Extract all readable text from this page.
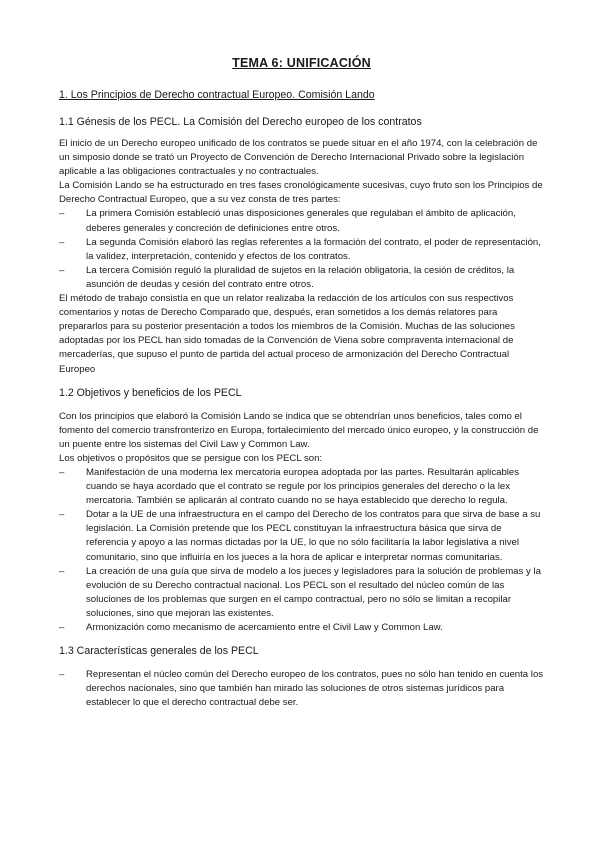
TEMA 6: UNIFICACIÓN
1. Los Principios de Derecho contractual Europeo. Comisión Lando
1.1 Génesis de los PECL. La Comisión del Derecho europeo de los contratos

El inicio de un Derecho europeo unificado de los contratos se puede situar en el año 1974, con la celebración de un simposio donde se trató un Proyecto de Convención de Derecho Internacional Privado sobre la legislación aplicable a las obligaciones contractuales y no contractuales.

La Comisión Lando se ha estructurado en tres fases cronológicamente sucesivas, cuyo fruto son los Principios de Derecho Contractual Europeo, que a su vez consta de tres partes:

– La primera Comisión estableció unas disposiciones generales que regulaban el ámbito de aplicación, deberes generales y concreción de definiciones entre otros.
– La segunda Comisión elaboró las reglas referentes a la formación del contrato, el poder de representación, la validez, interpretación, contenido y efectos de los contratos.
– La tercera Comisión reguló la pluralidad de sujetos en la relación obligatoria, la cesión de créditos, la asunción de deudas y cesión del contrato entre otros.

El método de trabajo consistía en que un relator realizaba la redacción de los artículos con sus respectivos comentarios y notas de Derecho Comparado que, después, eran sometidos a los demás relatores para prepararlos para su posterior presentación a todos los miembros de la Comisión. Muchas de las soluciones adoptadas por los PECL han sido tomadas de la Convención de Viena sobre compraventa internacional de mercaderías, que supuso el punto de partida del actual proceso de armonización del Derecho Contractual Europeo

1.2 Objetivos y beneficios de los PECL

Con los principios que elaboró la Comisión Lando se indica que se obtendrían unos beneficios, tales como el fomento del comercio transfronterizo en Europa, fortalecimiento del mercado único europeo, y la construcción de un puente entre los sistemas del Civil Law y Common Law.

Los objetivos o propósitos que se persigue con los PECL son:

– Manifestación de una moderna lex mercatoria europea adoptada por las partes. Resultarán aplicables cuando se haya acordado que el contrato se regule por los principios generales del derecho o la lex mercatoria. También se aplicarán al contrato cuando no se haya establecido que derecho lo regula.
– Dotar a la UE de una infraestructura en el campo del Derecho de los contratos para que sirva de base a su legislación. La Comisión pretende que los PECL constituyan la infraestructura básica que sirva de referencia y apoyo a las normas dictadas por la UE, lo que no sólo facilitaría la labor legislativa a nivel comunitario, sino que influiría en los jueces a la hora de aplicar e interpretar normas comunitarias.
– La creación de una guía que sirva de modelo a los jueces y legisladores para la solución de problemas y la evolución de su Derecho contractual nacional. Los PECL son el resultado del núcleo común de las soluciones de los problemas que surgen en el campo contractual, pero no sólo se limitan a recopilar soluciones, sino que mejoran las existentes.
– Armonización como mecanismo de acercamiento entre el Civil Law y Common Law.
1.3 Características generales de los PECL
– Representan el núcleo común del Derecho europeo de los contratos, pues no sólo han tenido en cuenta los derechos nacionales, sino que también han mirado las soluciones de otros sistemas jurídicos para establecer lo que el derecho contractual debe ser.
